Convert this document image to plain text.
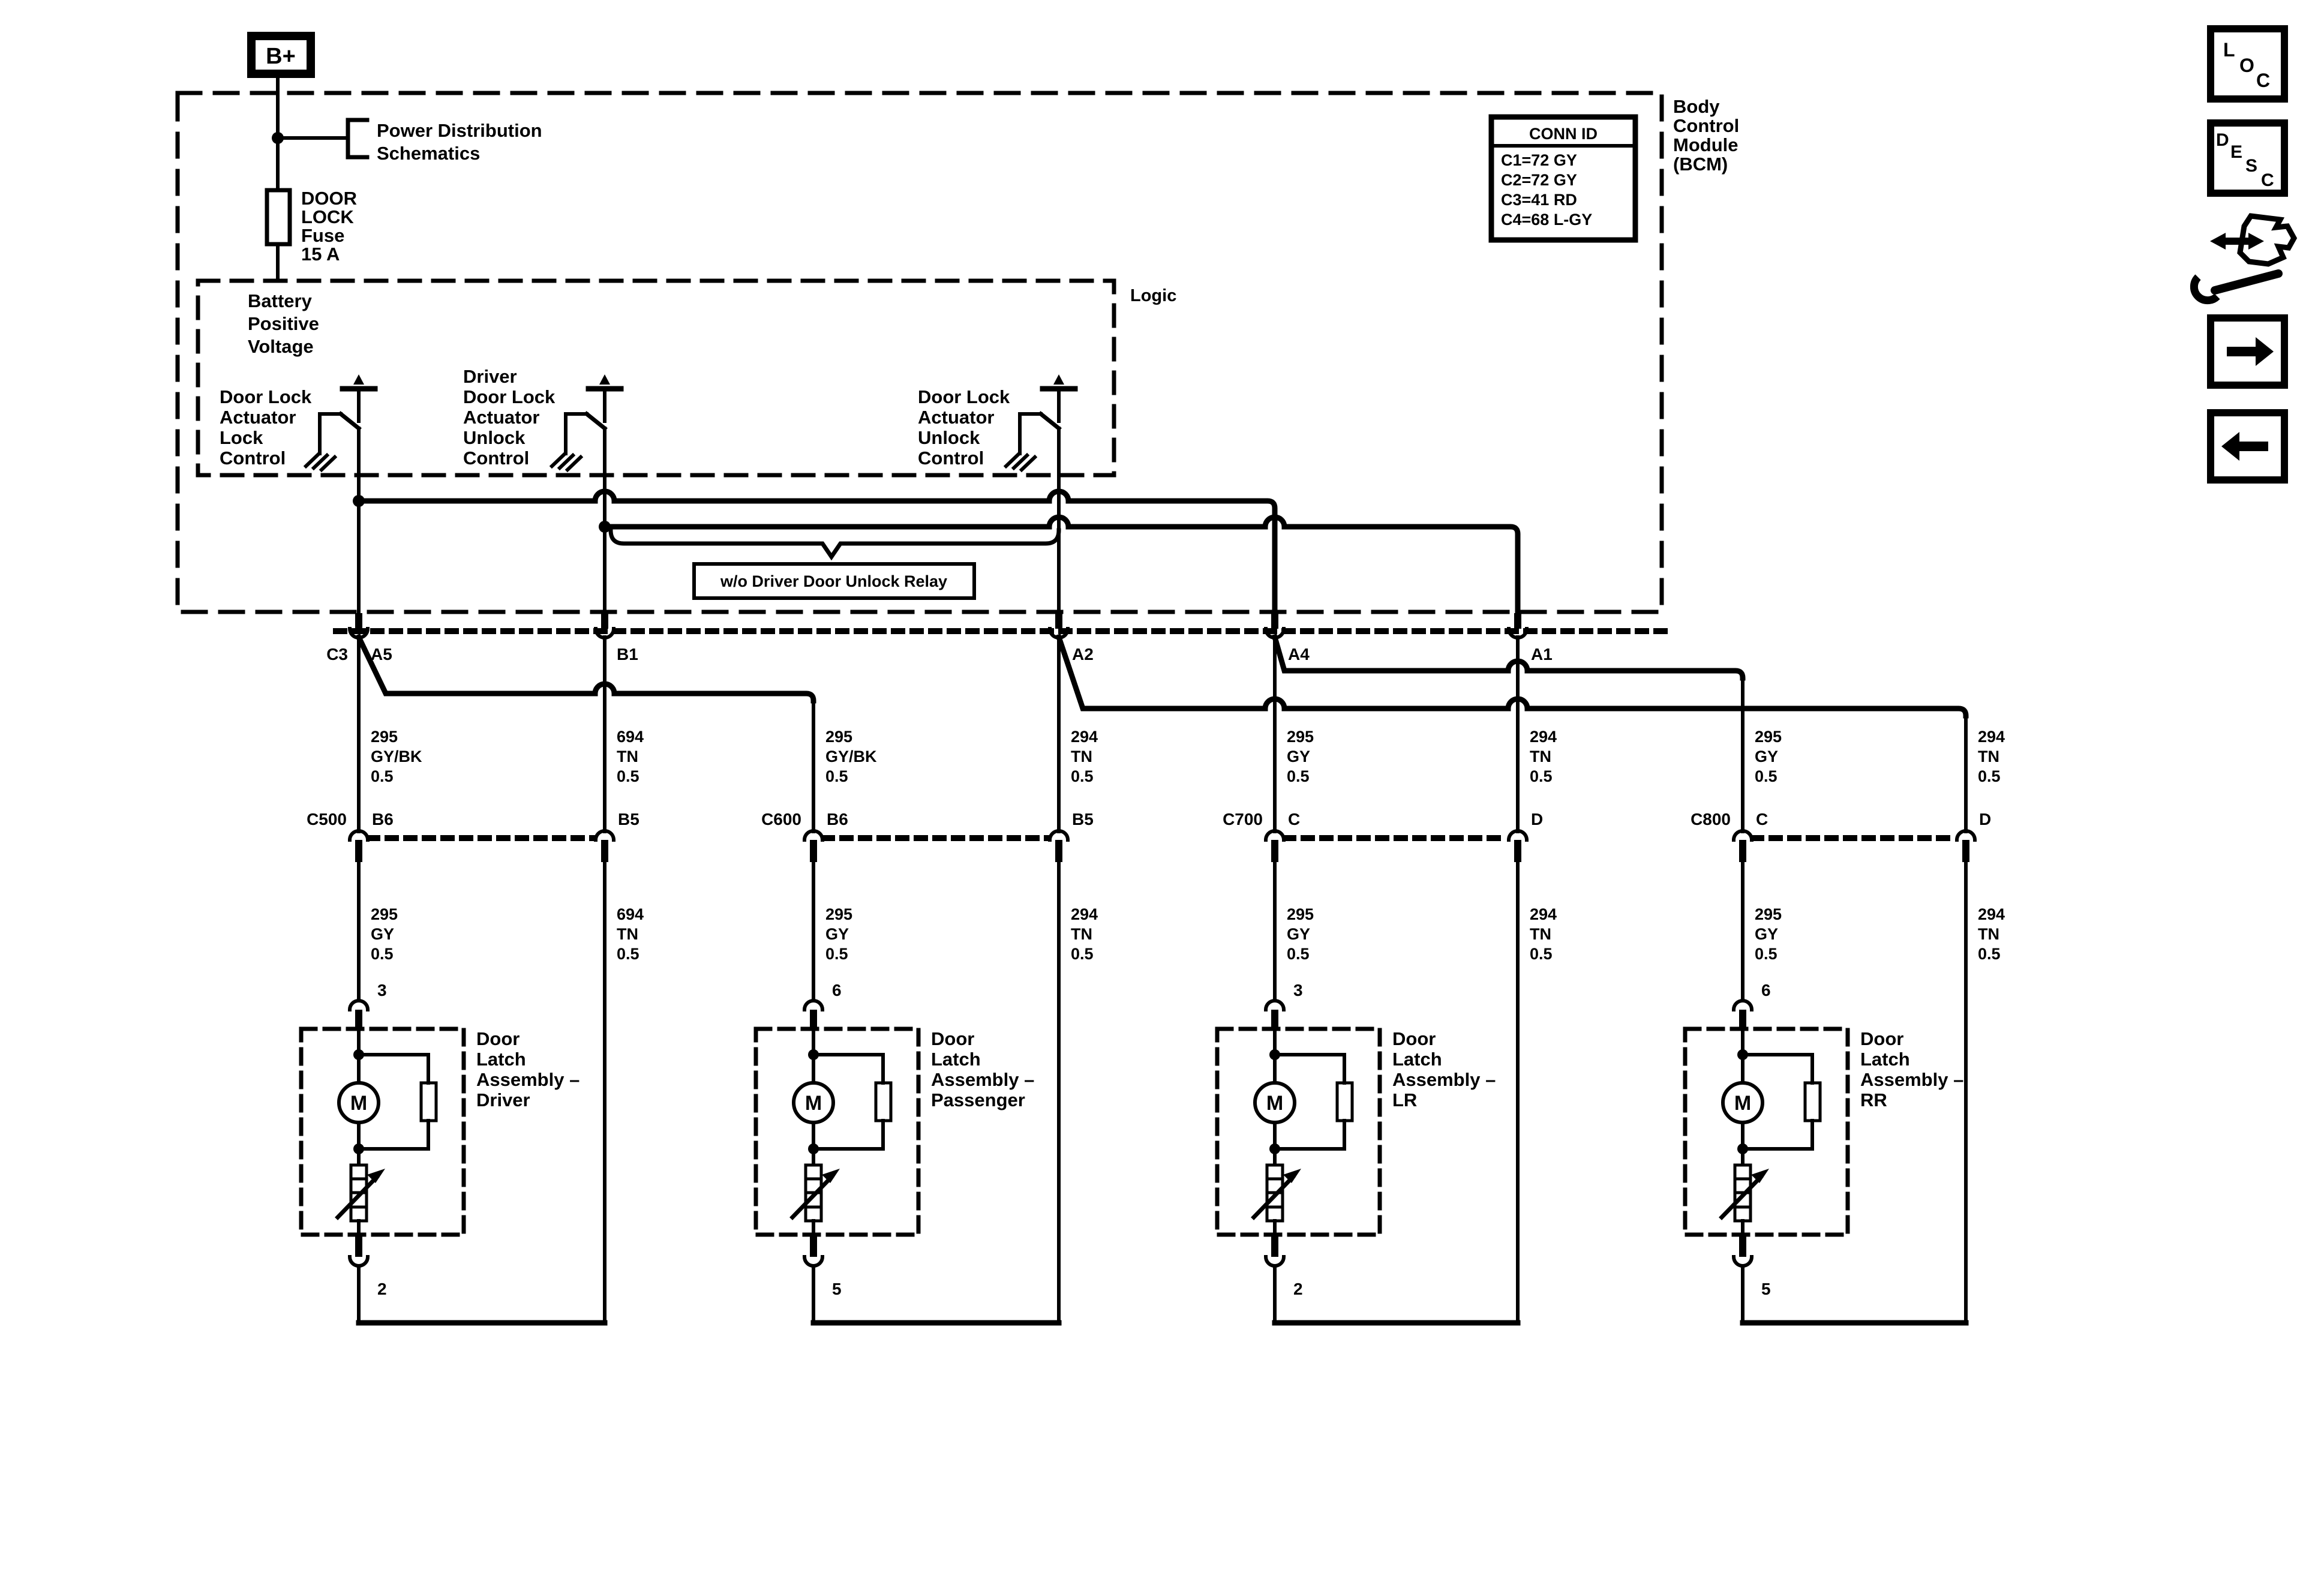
B+
Power Distribution
Schematics
DOOR
LOCK
Fuse
15 A
Body
Control
Module
(BCM)
CONN ID
C1=72 GY
C2=72 GY
C3=41 RD
C4=68 L-GY
Logic
Battery
Positive
Voltage
Door Lock
Actuator
Lock
Control
Driver
Door Lock
Actuator
Unlock
Control
Door Lock
Actuator
Unlock
Control
w/o Driver Door Unlock Relay
C3 A5	B1	A2	A4	A1
295
GY/BK
0.5
694
TN
0.5
295
GY/BK
0.5
294
TN
0.5
295
GY
0.5
294
TN
0.5
295
GY
0.5
294
TN
0.5
C500 B6	B5	C600 B6	B5	C700 C	D	C800 C	D
295
GY
0.5
694
TN
0.5
295
GY
0.5
294
TN
0.5
295
GY
0.5
294
TN
0.5
295
GY
0.5
294
TN
0.5
3
M
2
Door
Latch
Assembly –
Driver
6
M
5
Door
Latch
Assembly –
Passenger
3
M
2
Door
Latch
Assembly –
LR
6
M
5
Door
Latch
Assembly –
RR
L
O
C
D
E
S
C
